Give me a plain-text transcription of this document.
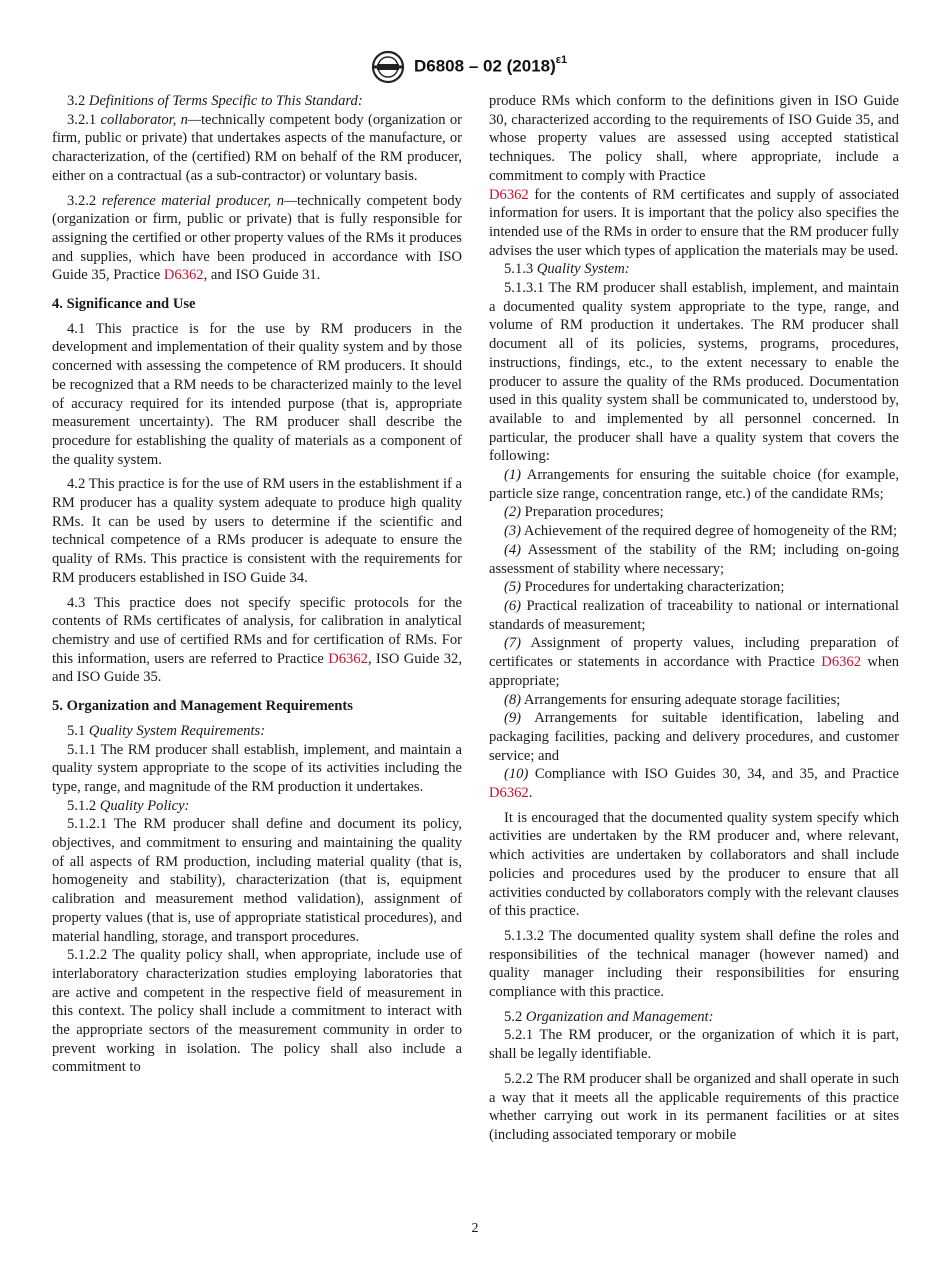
D6808 – 02 $(2018)^{\varepsilon 1}$

3.2 Definitions of Terms Specific to This Standard:

3.2.1 collaborator, n—technically competent body (organization or firm, public or private) that undertakes aspects of the manufacture, or characterization, of the (certified) RM on behalf of the RM producer, either on a contractual (as a sub-contractor) or voluntary basis.

3.2.2 reference material producer, n—technically competent body (organization or firm, public or private) that is fully responsible for assigning the certified or other property values of the RMs it produces and supplies, which have been produced in accordance with ISO Guide 35, Practice D6362, and ISO Guide 31.

4. Significance and Use

4.1 This practice is for the use by RM producers in the development and implementation of their quality system and by those concerned with assessing the competence of RM producers. It should be recognized that a RM needs to be characterized mainly to the level of accuracy required for its intended purpose (that is, appropriate measurement uncertainty). The RM producer shall describe the procedure for establishing the quality of materials as a component of the quality system.

4.2 This practice is for the use of RM users in the establishment if a RM producer has a quality system adequate to produce high quality RMs. It can be used by users to determine if the scientific and technical competence of a RMs producer is adequate to ensure the quality of RMs. This practice is consistent with the requirements for RM producers established in ISO Guide 34.

4.3 This practice does not specify specific protocols for the contents of RMs certificates of analysis, for calibration in analytical chemistry and use of certified RMs and for certification of RMs. For this information, users are referred to Practice D6362, ISO Guide 32, and ISO Guide 35.

5. Organization and Management Requirements

5.1 Quality System Requirements:

5.1.1 The RM producer shall establish, implement, and maintain a quality system appropriate to the scope of its activities including the type, range, and magnitude of the RM production it undertakes.

5.1.2 Quality Policy:

5.1.2.1 The RM producer shall define and document its policy, objectives, and commitment to ensuring and maintaining the quality of all aspects of RM production, including material quality (that is, homogeneity and stability), characterization (that is, equipment calibration and measurement method validation), assignment of property values (that is, use of appropriate statistical procedures), and material handling, storage, and transport procedures.

5.1.2.2 The quality policy shall, when appropriate, include use of interlaboratory characterization studies employing laboratories that are active and competent in the respective field of measurement in this context. The policy shall include a commitment to interact with the appropriate sectors of the measurement community in order to prevent working in isolation. The policy shall also include a commitment to

produce RMs which conform to the definitions given in ISO Guide 30, characterized according to the requirements of ISO Guide 35, and whose property values are assessed using accepted statistical techniques. The policy shall, where appropriate, include a commitment to comply with Practice
D6362 for the contents of RM certificates and supply of associated information for users. It is important that the policy also specifies the intended use of the RMs in order to ensure that the RM producer fully advises the user which types of application the materials may be used.

5.1.3 Quality System:

5.1.3.1 The RM producer shall establish, implement, and maintain a documented quality system appropriate to the type, range, and volume of RM production it undertakes. The RM producer shall document all of its policies, systems, programs, procedures, instructions, findings, etc., to the extent necessary to enable the producer to assure the quality of the RMs produced. Documentation used in this quality system shall be communicated to, understood by, available to and implemented by all personnel concerned. In particular, the producer shall have a quality system that covers the following:

(1) Arrangements for ensuring the suitable choice (for example, particle size range, concentration range, etc.) of the candidate RMs;

(2) Preparation procedures;

(3) Achievement of the required degree of homogeneity of the RM;

(4) Assessment of the stability of the RM; including on-going assessment of stability where necessary;

(5) Procedures for undertaking characterization;

(6) Practical realization of traceability to national or international standards of measurement;

(7) Assignment of property values, including preparation of certificates or statements in accordance with Practice D6362 when appropriate;

(8) Arrangements for ensuring adequate storage facilities;

(9) Arrangements for suitable identification, labeling and packaging facilities, packing and delivery procedures, and customer service; and

(10) Compliance with ISO Guides 30, 34, and 35, and Practice D6362.

It is encouraged that the documented quality system specify which activities are undertaken by the RM producer and, where relevant, which activities are undertaken by collaborators and shall include policies and procedures used by the producer to ensure that all activities conducted by collaborators comply with the relevant clauses of this practice.

5.1.3.2 The documented quality system shall define the roles and responsibilities of the technical manager (however named) and quality manager including their responsibilities for ensuring compliance with this practice.

5.2 Organization and Management:

5.2.1 The RM producer, or the organization of which it is part, shall be legally identifiable.

5.2.2 The RM producer shall be organized and shall operate in such a way that it meets all the applicable requirements of this practice whether carrying out work in its permanent facilities or at sites (including associated temporary or mobile

2
